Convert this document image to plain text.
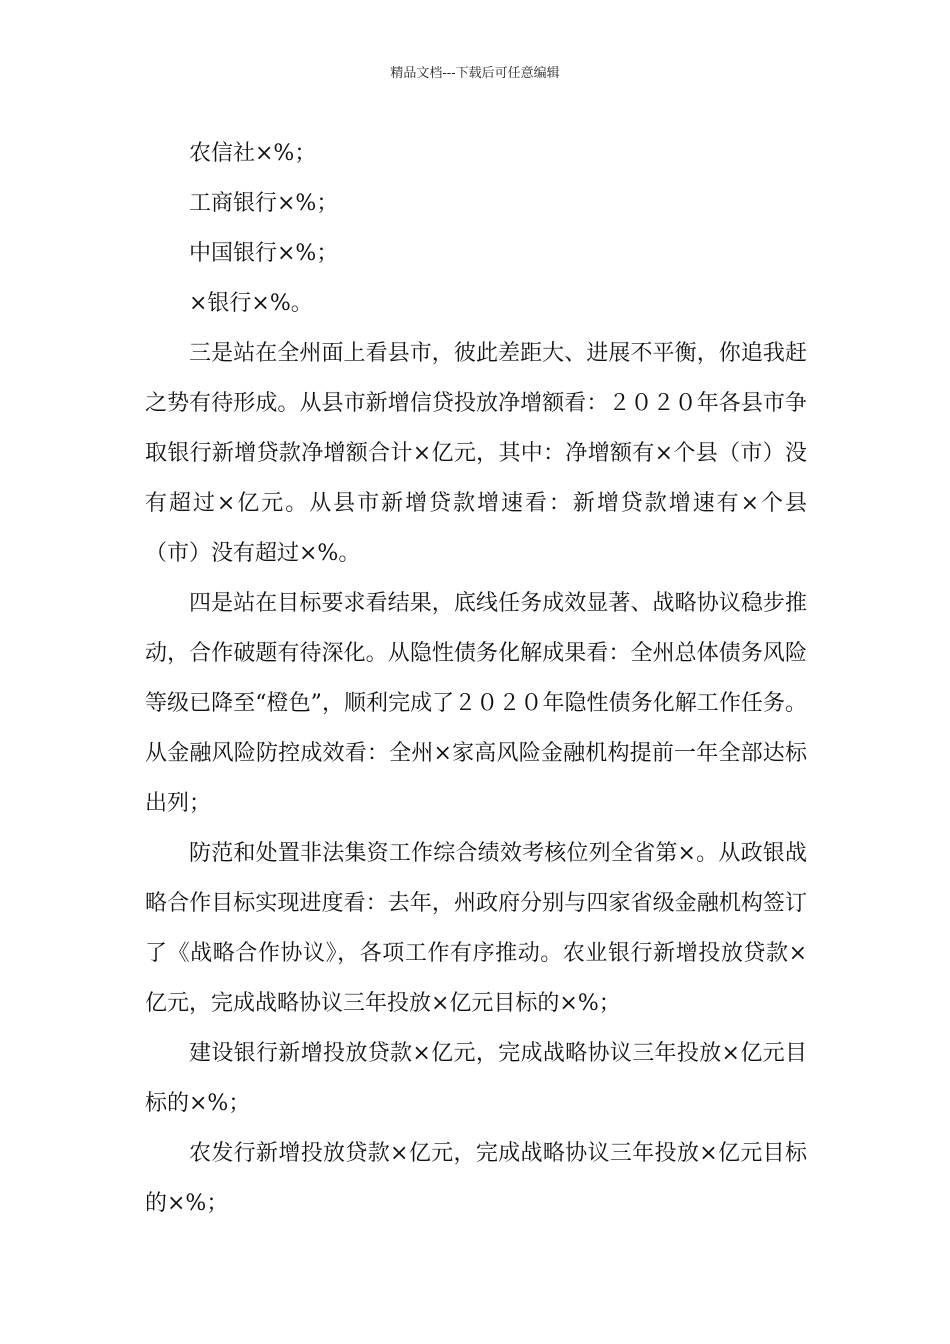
精品文档---下载后可任意编辑

农信社×%；

工商银行×%；

中国银行×%；

×银行×%。

三是站在全州面上看县市，彼此差距大、进展不平衡，你追我赶之势有待形成。从县市新增信贷投放净增额看：２０２０年各县市争取银行新增贷款净增额合计×亿元，其中：净增额有×个县（市）没有超过×亿元。从县市新增贷款增速看：新增贷款增速有×个县（市）没有超过×%。

四是站在目标要求看结果，底线任务成效显著、战略协议稳步推动，合作破题有待深化。从隐性债务化解成果看：全州总体债务风险等级已降至“橙色”，顺利完成了２０２０年隐性债务化解工作任务。从金融风险防控成效看：全州×家高风险金融机构提前一年全部达标出列；

防范和处置非法集资工作综合绩效考核位列全省第×。从政银战略合作目标实现进度看：去年，州政府分别与四家省级金融机构签订了《战略合作协议》，各项工作有序推动。农业银行新增投放贷款×亿元，完成战略协议三年投放×亿元目标的×%；

建设银行新增投放贷款×亿元，完成战略协议三年投放×亿元目标的×%；

农发行新增投放贷款×亿元，完成战略协议三年投放×亿元目标的×%；
